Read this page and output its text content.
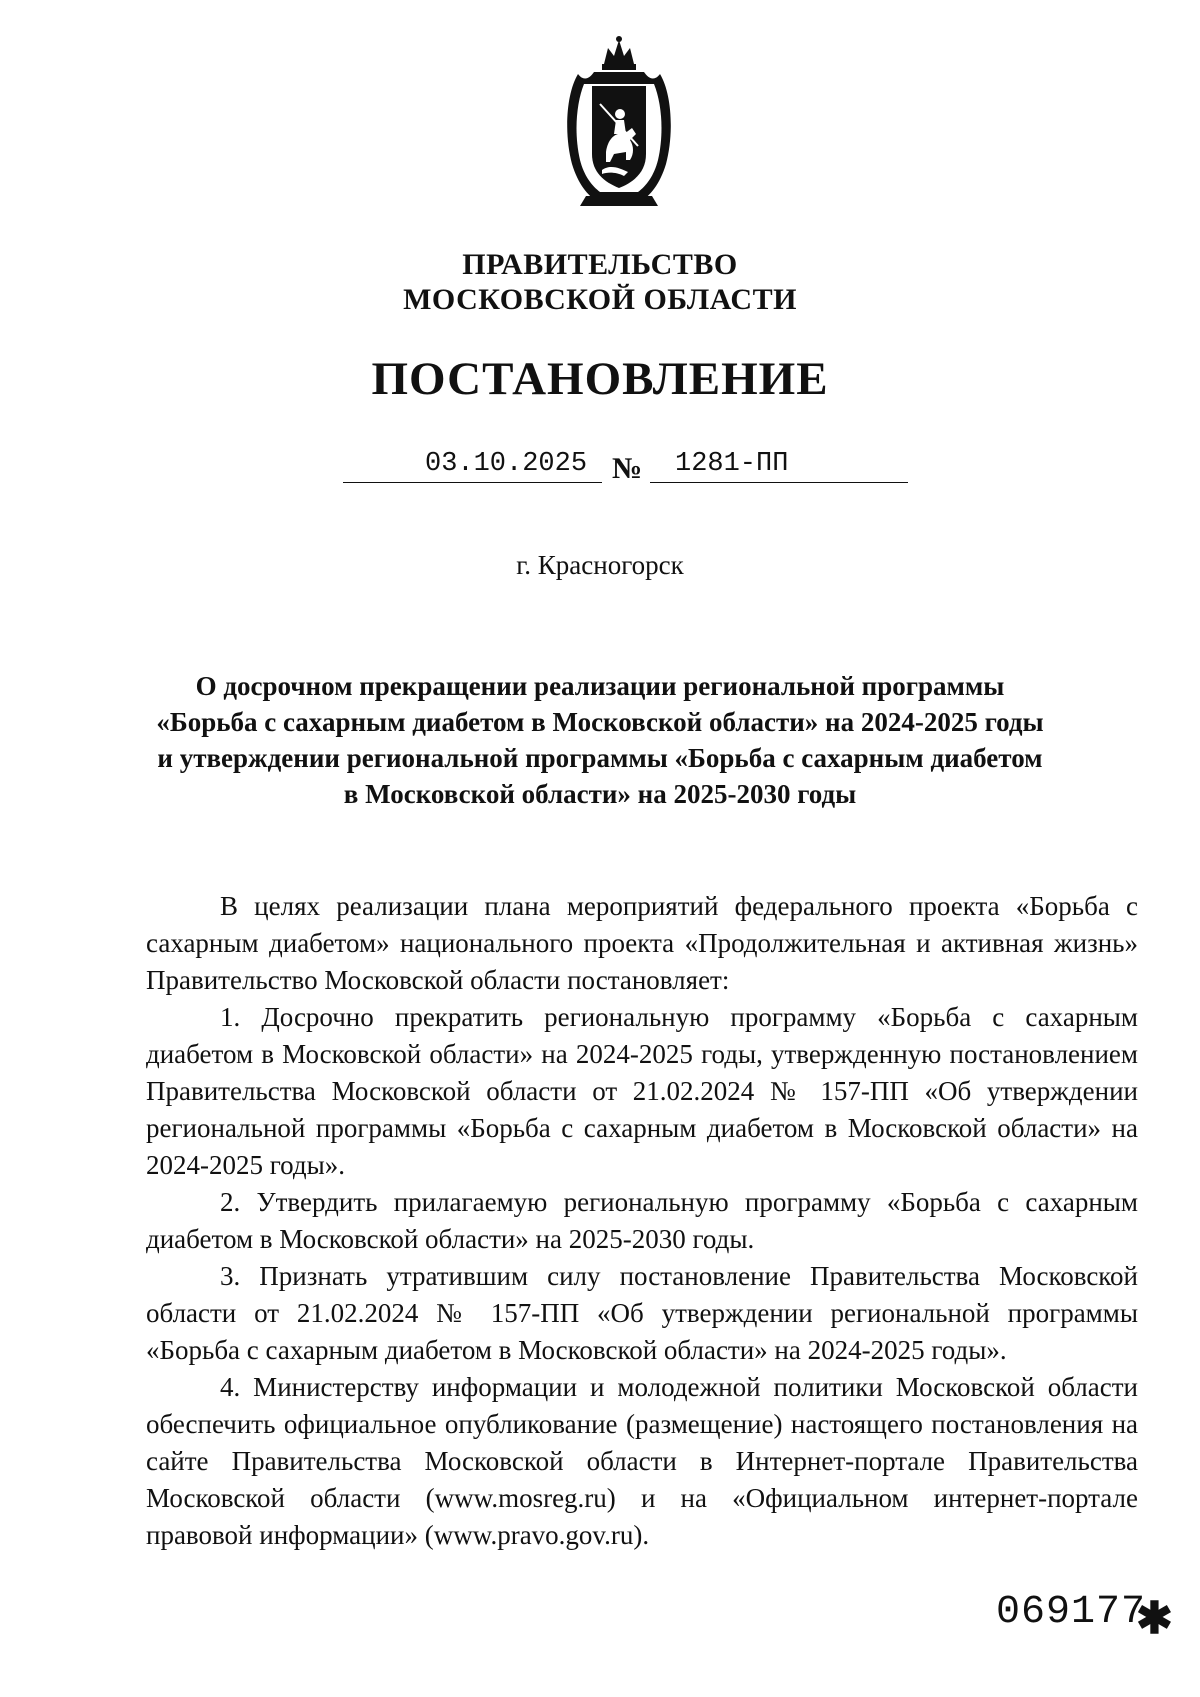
ПРАВИТЕЛЬСТВО
МОСКОВСКОЙ ОБЛАСТИ
ПОСТАНОВЛЕНИЕ
03.10.2025 № 1281-ПП
г. Красногорск
О досрочном прекращении реализации региональной программы
«Борьба с сахарным диабетом в Московской области» на 2024-2025 годы
и утверждении региональной программы «Борьба с сахарным диабетом
в Московской области» на 2025-2030 годы

В целях реализации плана мероприятий федерального проекта «Борьба с сахарным диабетом» национального проекта «Продолжительная и активная жизнь» Правительство Московской области постановляет:

1. Досрочно прекратить региональную программу «Борьба с сахарным диабетом в Московской области» на 2024-2025 годы, утвержденную постановлением Правительства Московской области от 21.02.2024 № 157-ПП «Об утверждении региональной программы «Борьба с сахарным диабетом в Московской области» на 2024-2025 годы».

2. Утвердить прилагаемую региональную программу «Борьба с сахарным диабетом в Московской области» на 2025-2030 годы.

3. Признать утратившим силу постановление Правительства Московской области от 21.02.2024 № 157-ПП «Об утверждении региональной программы «Борьба с сахарным диабетом в Московской области» на 2024-2025 годы».

4. Министерству информации и молодежной политики Московской области обеспечить официальное опубликование (размещение) настоящего постановления на сайте Правительства Московской области в Интернет-портале Правительства Московской области (www.mosreg.ru) и на «Официальном интернет-портале правовой информации» (www.pravo.gov.ru).

069177
✱
